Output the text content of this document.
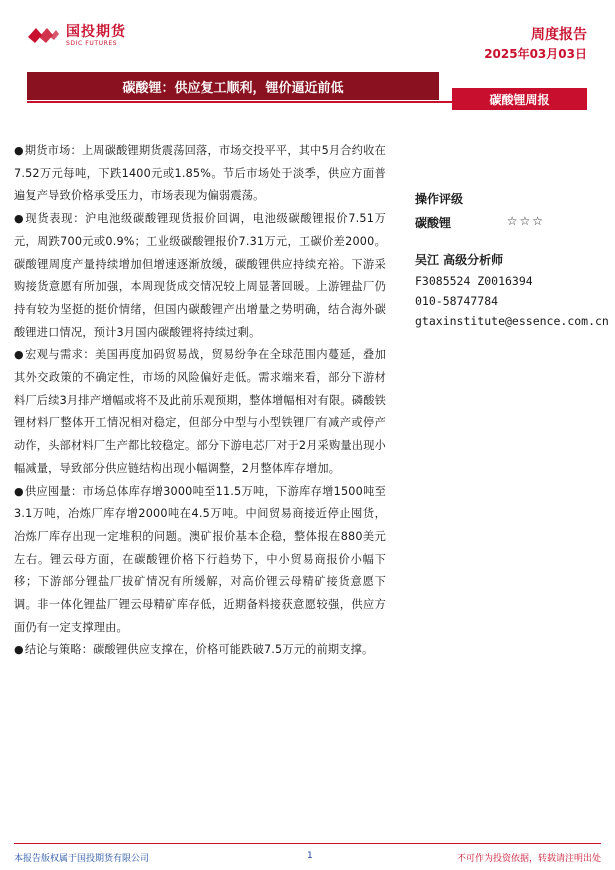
国投期货
SDIC FUTURES
周度报告
2025年03月03日
碳酸锂：供应复工顺利，锂价逼近前低
碳酸锂周报

●期货市场：上周碳酸锂期货震荡回落，市场交投平平，其中5月合约收在7.52万元每吨，下跌1400元或1.85%。节后市场处于淡季，供应方面普遍复产导致价格承受压力，市场表现为偏弱震荡。

●现货表现：沪电池级碳酸锂现货报价回调，电池级碳酸锂报价7.51万元，周跌700元或0.9%；工业级碳酸锂报价7.31万元，工碳价差2000。碳酸锂周度产量持续增加但增速逐渐放缓，碳酸锂供应持续充裕。下游采购接货意愿有所加强，本周现货成交情况较上周显著回暖。上游锂盐厂仍持有较为坚挺的挺价情绪，但国内碳酸锂产出增量之势明确，结合海外碳酸锂进口情况，预计3月国内碳酸锂将持续过剩。

●宏观与需求：美国再度加码贸易战，贸易纷争在全球范围内蔓延，叠加其外交政策的不确定性，市场的风险偏好走低。需求端来看，部分下游材料厂后续3月排产增幅或将不及此前乐观预期，整体增幅相对有限。磷酸铁锂材料厂整体开工情况相对稳定，但部分中型与小型铁锂厂有减产或停产动作，头部材料厂生产都比较稳定。部分下游电芯厂对于2月采购量出现小幅减量，导致部分供应链结构出现小幅调整，2月整体库存增加。

●供应囤量：市场总体库存增3000吨至11.5万吨，下游库存增1500吨至3.1万吨，冶炼厂库存增2000吨在4.5万吨。中间贸易商接近停止囤货，冶炼厂库存出现一定堆积的问题。澳矿报价基本企稳，整体报在880美元左右。锂云母方面，在碳酸锂价格下行趋势下，中小贸易商报价小幅下移；下游部分锂盐厂拔矿情况有所缓解，对高价锂云母精矿接货意愿下调。非一体化锂盐厂锂云母精矿库存低，近期备料接获意愿较强，供应方面仍有一定支撑理由。

●结论与策略：碳酸锂供应支撑在，价格可能跌破7.5万元的前期支撑。

操作评级
碳酸锂	☆☆☆
吴江 高级分析师
F3085524 Z0016394
010-58747784
gtaxinstitute@essence.com.cn
本报告版权属于国投期货有限公司	1	不可作为投资依据，转载请注明出处
